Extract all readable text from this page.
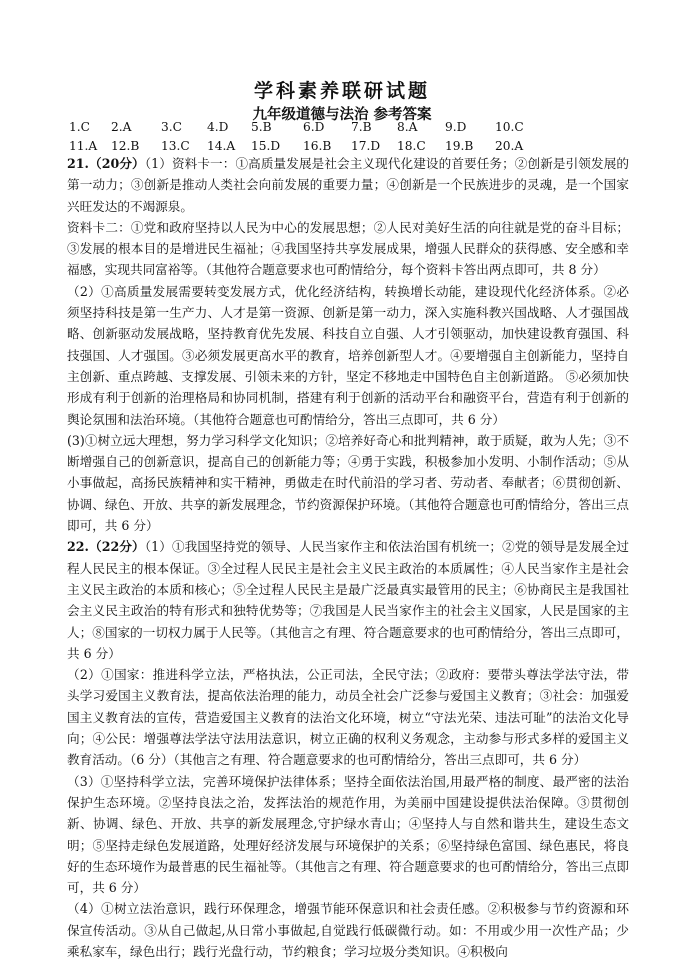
学科素养联研试题
九年级道德与法治 参考答案
1.C 2.A 3.C 4.D 5.B	6.D 7.B 8.A 9.D 10.C
11.A 12.B 13.C 14.A 15.D 16.B 17.D 18.C 19.B 20.A

21.（20分）（1）资料卡一：①高质量发展是社会主义现代化建设的首要任务；②创新是引领发展的第一动力；③创新是推动人类社会向前发展的重要力量；④创新是一个民族进步的灵魂，是一个国家兴旺发达的不竭源泉。

资料卡二：①党和政府坚持以人民为中心的发展思想；②人民对美好生活的向往就是党的奋斗目标；③发展的根本目的是增进民生福祉；④我国坚持共享发展成果，增强人民群众的获得感、安全感和幸福感，实现共同富裕等。（其他符合题意要求也可酌情给分，每个资料卡答出两点即可，共 8 分）

（2）①高质量发展需要转变发展方式，优化经济结构，转换增长动能，建设现代化经济体系。②必须坚持科技是第一生产力、人才是第一资源、创新是第一动力，深入实施科教兴国战略、人才强国战略、创新驱动发展战略，坚持教育优先发展、科技自立自强、人才引领驱动，加快建设教育强国、科技强国、人才强国。③必须发展更高水平的教育，培养创新型人才。④要增强自主创新能力，坚持自主创新、重点跨越、支撑发展、引领未来的方针，坚定不移地走中国特色自主创新道路。 ⑤必须加快形成有利于创新的治理格局和协同机制，搭建有利于创新的活动平台和融资平台，营造有利于创新的舆论氛围和法治环境。（其他符合题意也可酌情给分，答出三点即可，共 6 分）

(3)①树立远大理想，努力学习科学文化知识；②培养好奇心和批判精神，敢于质疑，敢为人先；③不断增强自己的创新意识，提高自己的创新能力等；④勇于实践，积极参加小发明、小制作活动；⑤从小事做起，高扬民族精神和实干精神，勇做走在时代前沿的学习者、劳动者、奉献者；⑥贯彻创新、协调、绿色、开放、共享的新发展理念，节约资源保护环境。（其他符合题意也可酌情给分，答出三点即可，共 6 分）

22.（22分）（1）①我国坚持党的领导、人民当家作主和依法治国有机统一；②党的领导是发展全过程人民民主的根本保证。③全过程人民民主是社会主义民主政治的本质属性；④人民当家作主是社会主义民主政治的本质和核心；⑤全过程人民民主是最广泛最真实最管用的民主；⑥协商民主是我国社会主义民主政治的特有形式和独特优势等；⑦我国是人民当家作主的社会主义国家，人民是国家的主人；⑧国家的一切权力属于人民等。（其他言之有理、符合题意要求的也可酌情给分，答出三点即可，共 6 分）

（2）①国家：推进科学立法，严格执法，公正司法，全民守法；②政府：要带头尊法学法守法，带头学习爱国主义教育法，提高依法治理的能力，动员全社会广泛参与爱国主义教育；③社会：加强爱国主义教育法的宣传，营造爱国主义教育的法治文化环境，树立“守法光荣、违法可耻”的法治文化导向；④公民：增强尊法学法守法用法意识，树立正确的权利义务观念，主动参与形式多样的爱国主义教育活动。（6 分）（其他言之有理、符合题意要求的也可酌情给分，答出三点即可，共 6 分）

（3）①坚持科学立法，完善环境保护法律体系；坚持全面依法治国,用最严格的制度、最严密的法治保护生态环境。②坚持良法之治，发挥法治的规范作用，为美丽中国建设提供法治保障。③贯彻创新、协调、绿色、开放、共享的新发展理念,守护绿水青山；④坚持人与自然和谐共生，建设生态文明；⑤坚持走绿色发展道路，处理好经济发展与环境保护的关系；⑥坚持绿色富国、绿色惠民，将良好的生态环境作为最普惠的民生福祉等。（其他言之有理、符合题意要求的也可酌情给分，答出三点即可，共 6 分）

（4）①树立法治意识，践行环保理念，增强节能环保意识和社会责任感。②积极参与节约资源和环保宣传活动。③从自己做起,从日常小事做起,自觉践行低碳微行动。如：不用或少用一次性产品；少乘私家车，绿色出行；践行光盘行动，节约粮食；学习垃圾分类知识。④积极向
